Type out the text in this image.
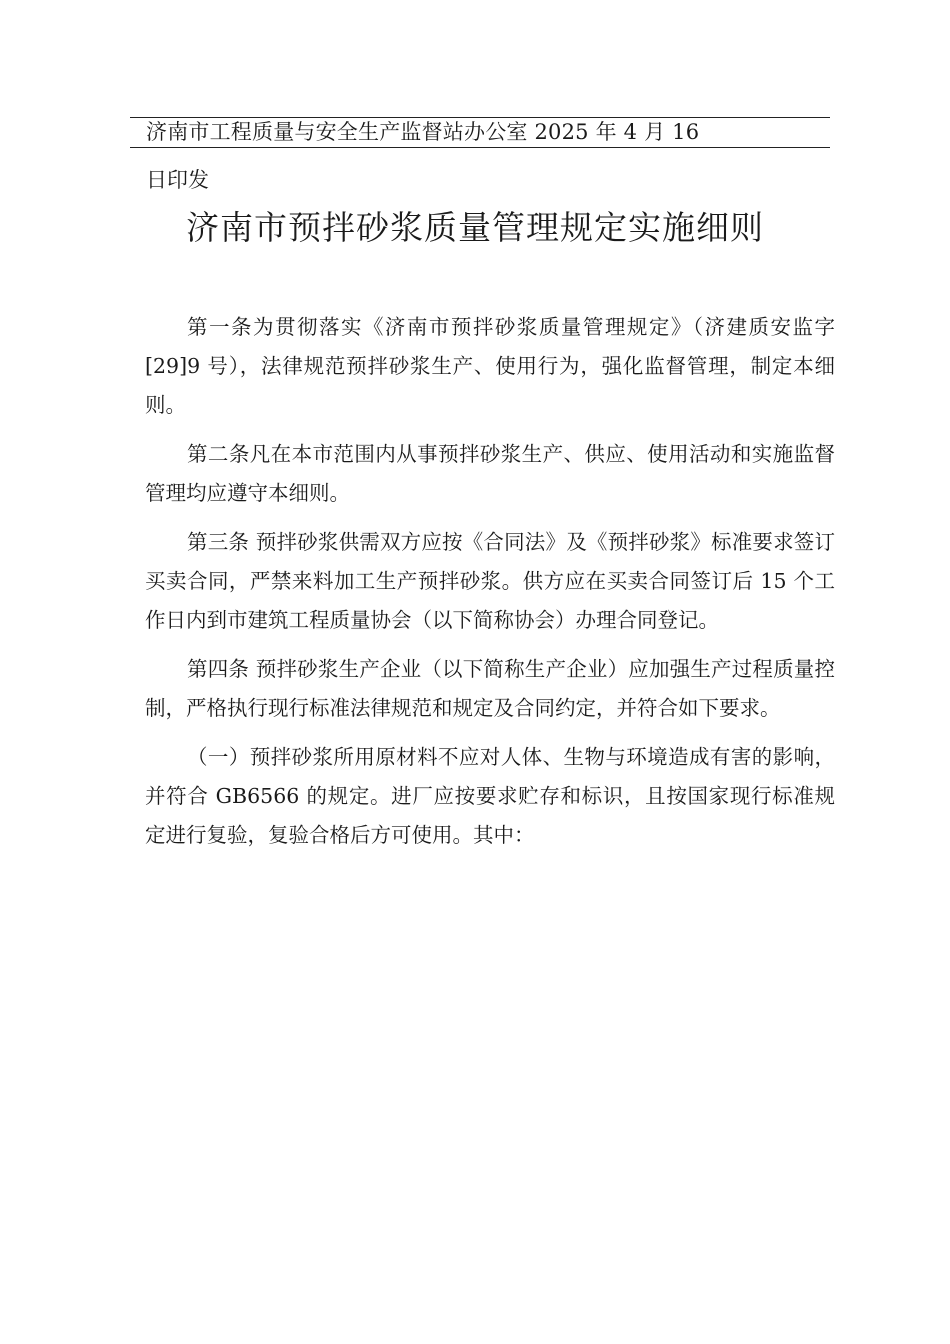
济南市工程质量与安全生产监督站办公室 2025 年 4 月 16
日印发
济南市预拌砂浆质量管理规定实施细则

第一条为贯彻落实《济南市预拌砂浆质量管理规定》（济建质安监字[29]9 号），法律规范预拌砂浆生产、使用行为，强化监督管理，制定本细则。

第二条凡在本市范围内从事预拌砂浆生产、供应、使用活动和实施监督管理均应遵守本细则。

第三条 预拌砂浆供需双方应按《合同法》及《预拌砂浆》标准要求签订买卖合同，严禁来料加工生产预拌砂浆。供方应在买卖合同签订后 15 个工作日内到市建筑工程质量协会（以下简称协会）办理合同登记。

第四条 预拌砂浆生产企业（以下简称生产企业）应加强生产过程质量控制，严格执行现行标准法律规范和规定及合同约定，并符合如下要求。

（一）预拌砂浆所用原材料不应对人体、生物与环境造成有害的影响，并符合 GB6566 的规定。进厂应按要求贮存和标识，且按国家现行标准规定进行复验，复验合格后方可使用。其中：
